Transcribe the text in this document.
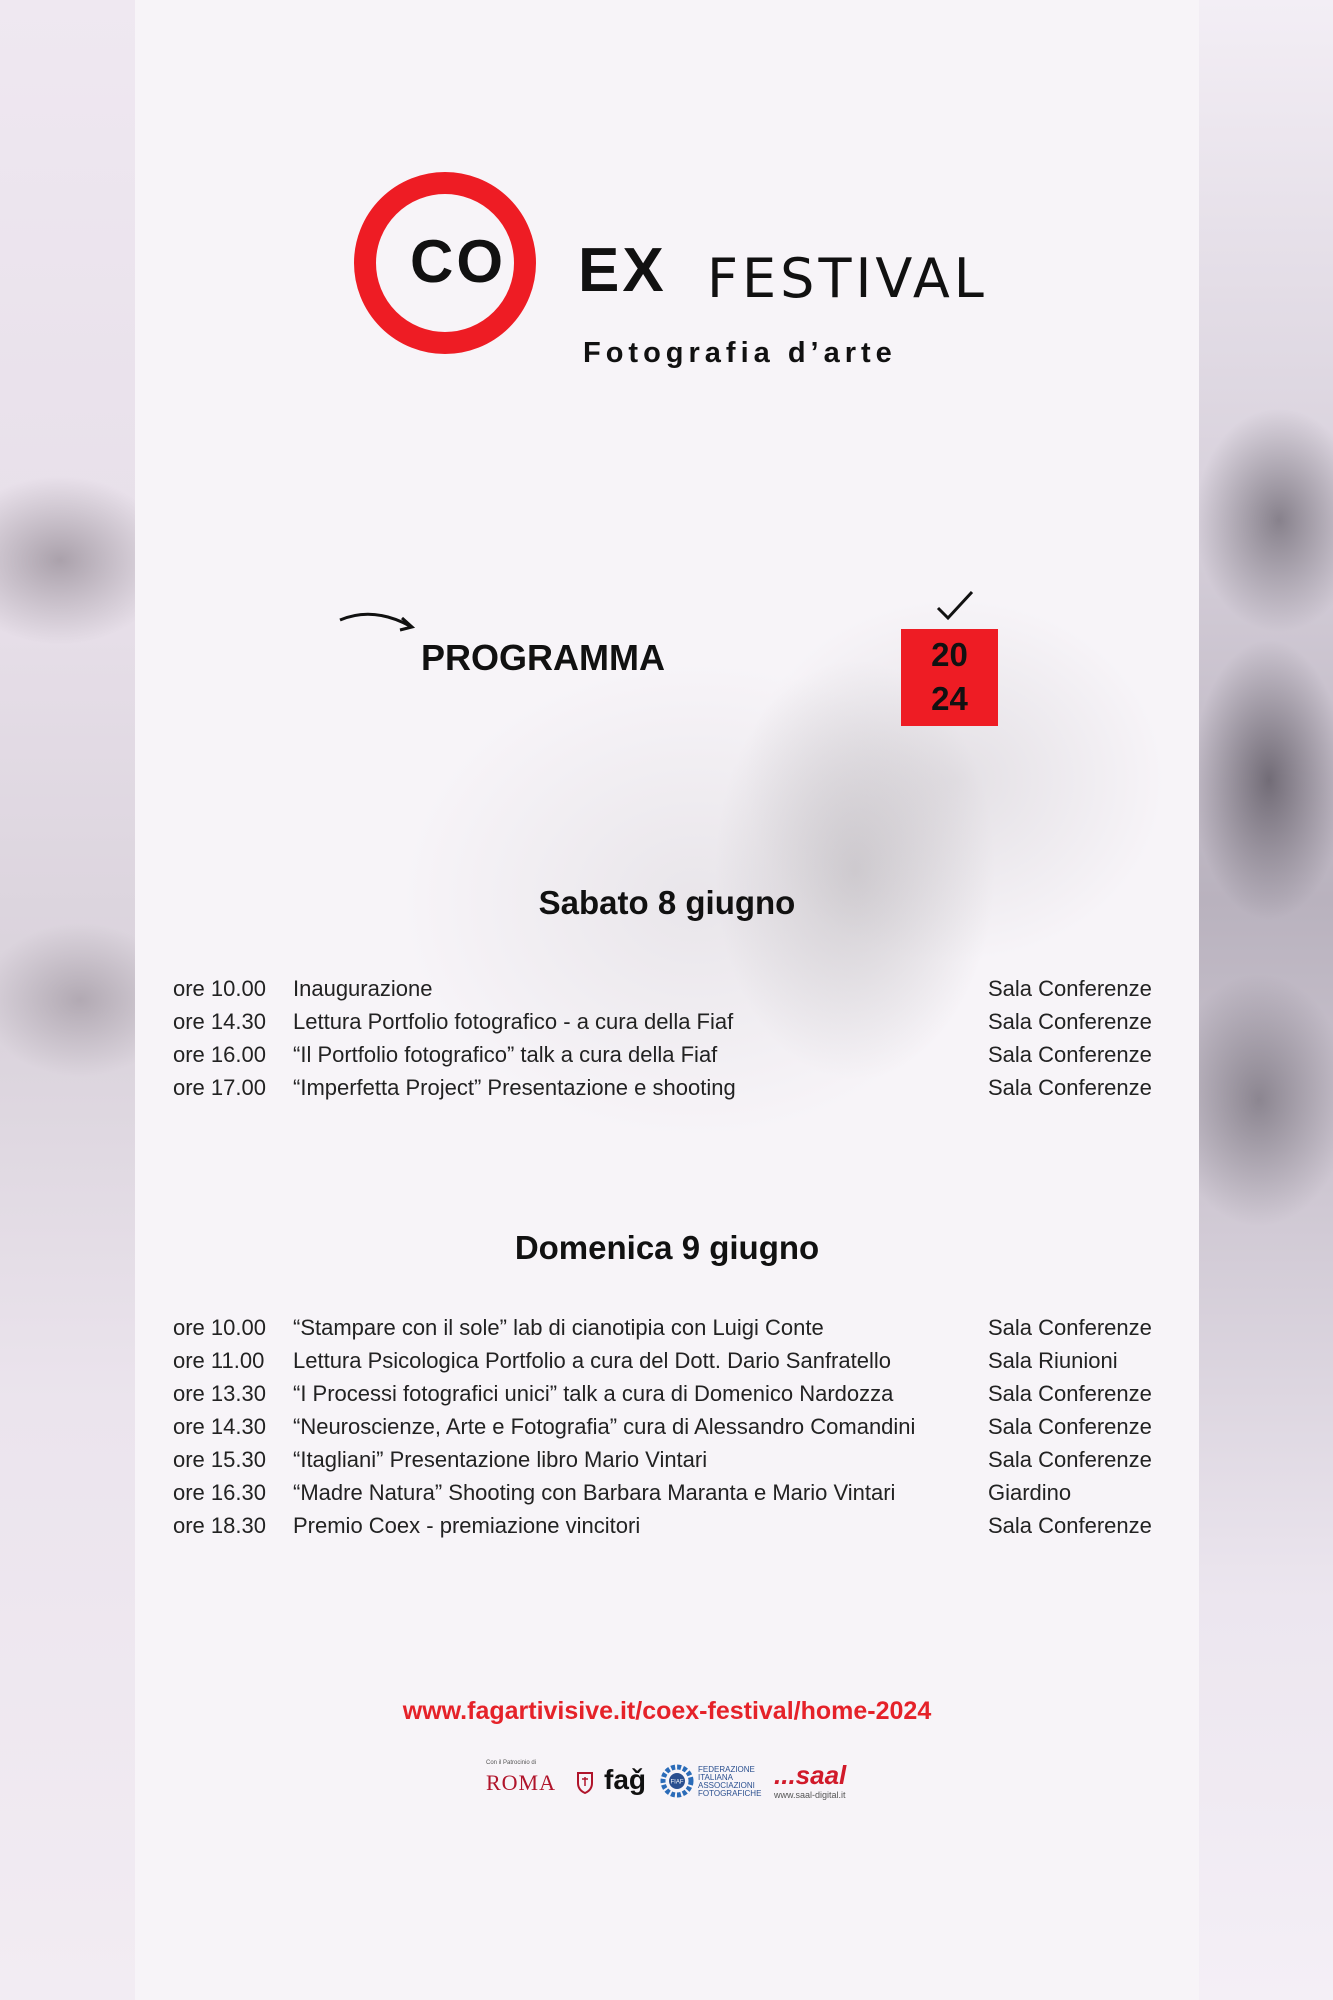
CO EX FESTIVAL
Fotografia d’arte
PROGRAMMA	20
24
Sabato 8 giugno
ore 10.00 Inaugurazione	Sala Conferenze
ore 14.30 Lettura Portfolio fotografico - a cura della Fiaf	Sala Conferenze
ore 16.00 “Il Portfolio fotografico” talk a cura della Fiaf	Sala Conferenze
ore 17.00 “Imperfetta Project” Presentazione e shooting	Sala Conferenze
Domenica 9 giugno
ore 10.00 “Stampare con il sole” lab di cianotipia con Luigi Conte	Sala Conferenze
ore 11.00 Lettura Psicologica Portfolio a cura del Dott. Dario Sanfratello	Sala Riunioni
ore 13.30 “I Processi fotografici unici” talk a cura di Domenico Nardozza	Sala Conferenze
ore 14.30 “Neuroscienze, Arte e Fotografia” cura di Alessandro Comandini	Sala Conferenze
ore 15.30 “Itagliani” Presentazione libro Mario Vintari	Sala Conferenze
ore 16.30 “Madre Natura” Shooting con Barbara Maranta e Mario Vintari	Giardino
ore 18.30 Premio Coex - premiazione vincitori	Sala Conferenze
www.fagartivisive.it/coex-festival/home-2024
Con il Patrocinio di
ROMA faǧ	FIAF
FEDERAZIONE
ITALIANA
ASSOCIAZIONI
FOTOGRAFICHE
...saal
www.saal-digital.it
